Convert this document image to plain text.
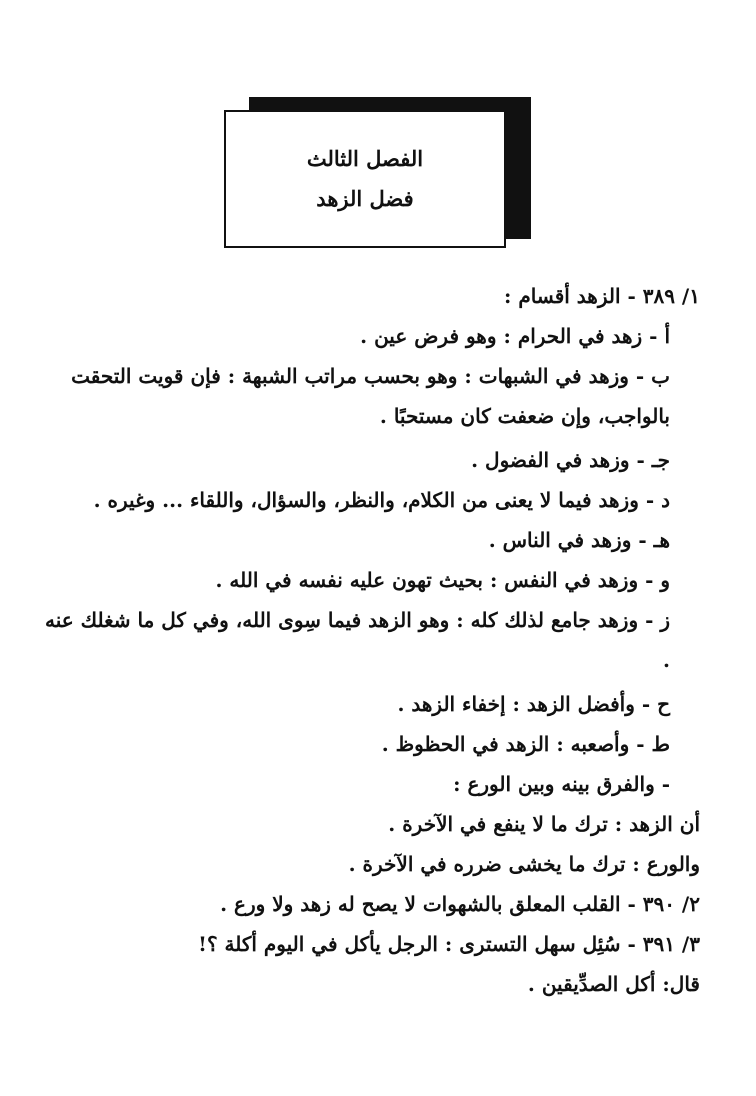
الفصل الثالث
فضل الزهد
١/ ٣٨٩ - الزهد أقسام :
أ - زهد في الحرام : وهو فرض عين .
ب - وزهد في الشبهات : وهو بحسب مراتب الشبهة : فإن قويت التحقت بالواجب، وإن ضعفت كان مستحبًا .
جـ - وزهد في الفضول .
د - وزهد فيما لا يعنى من الكلام، والنظر، والسؤال، واللقاء ... وغيره .
هـ - وزهد في الناس .
و - وزهد في النفس : بحيث تهون عليه نفسه في الله .
ز - وزهد جامع لذلك كله : وهو الزهد فيما سِوى الله، وفي كل ما شغلك عنه .
ح - وأفضل الزهد : إخفاء الزهد .
ط - وأصعبه : الزهد في الحظوظ .
- والفرق بينه وبين الورع :
أن الزهد : ترك ما لا ينفع في الآخرة .
والورع : ترك ما يخشى ضرره في الآخرة .
٢/ ٣٩٠ - القلب المعلق بالشهوات لا يصح له زهد ولا ورع .
٣/ ٣٩١ - سُئِل سهل التسترى : الرجل يأكل في اليوم أكلة ؟!
قال: أكل الصدِّيقين .
